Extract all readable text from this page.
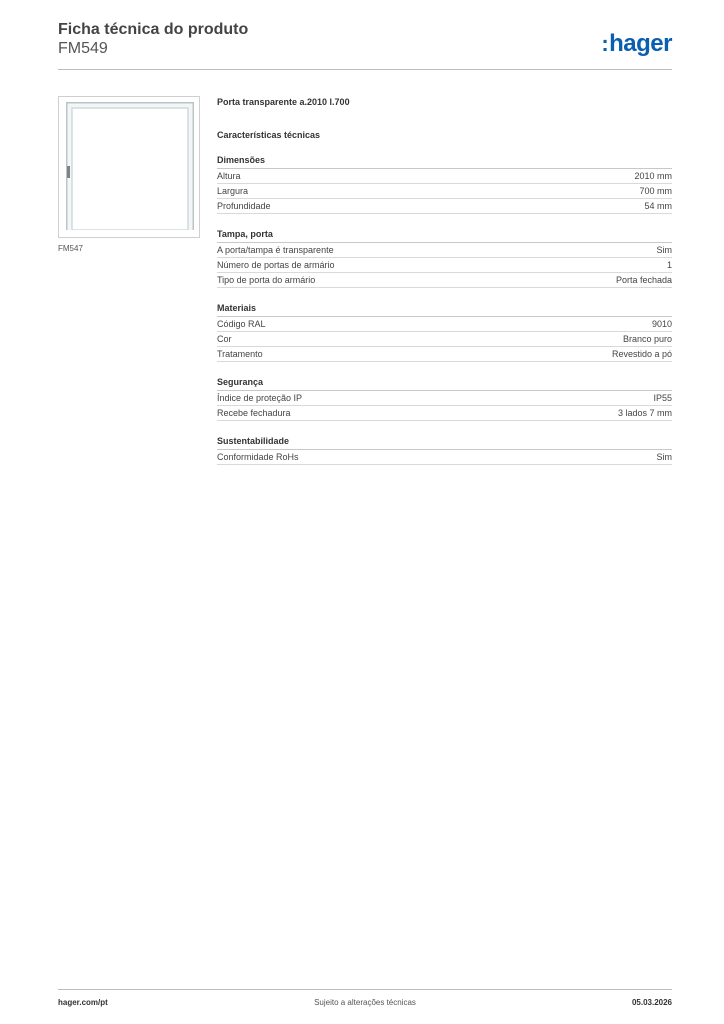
Ficha técnica do produto
FM549	:hager
FM547
Porta transparente a.2010 l.700
Características técnicas
Dimensões
Altura	2010 mm
Largura	700 mm
Profundidade	54 mm
Tampa, porta
A porta/tampa é transparente	Sim
Número de portas de armário	1
Tipo de porta do armário	Porta fechada
Materiais
Código RAL	9010
Cor	Branco puro
Tratamento	Revestido a pó
Segurança
Índice de proteção IP	IP55
Recebe fechadura	3 lados 7 mm
Sustentabilidade
Conformidade RoHs	Sim
hager.com/pt	Sujeito a alterações técnicas	05.03.2026
